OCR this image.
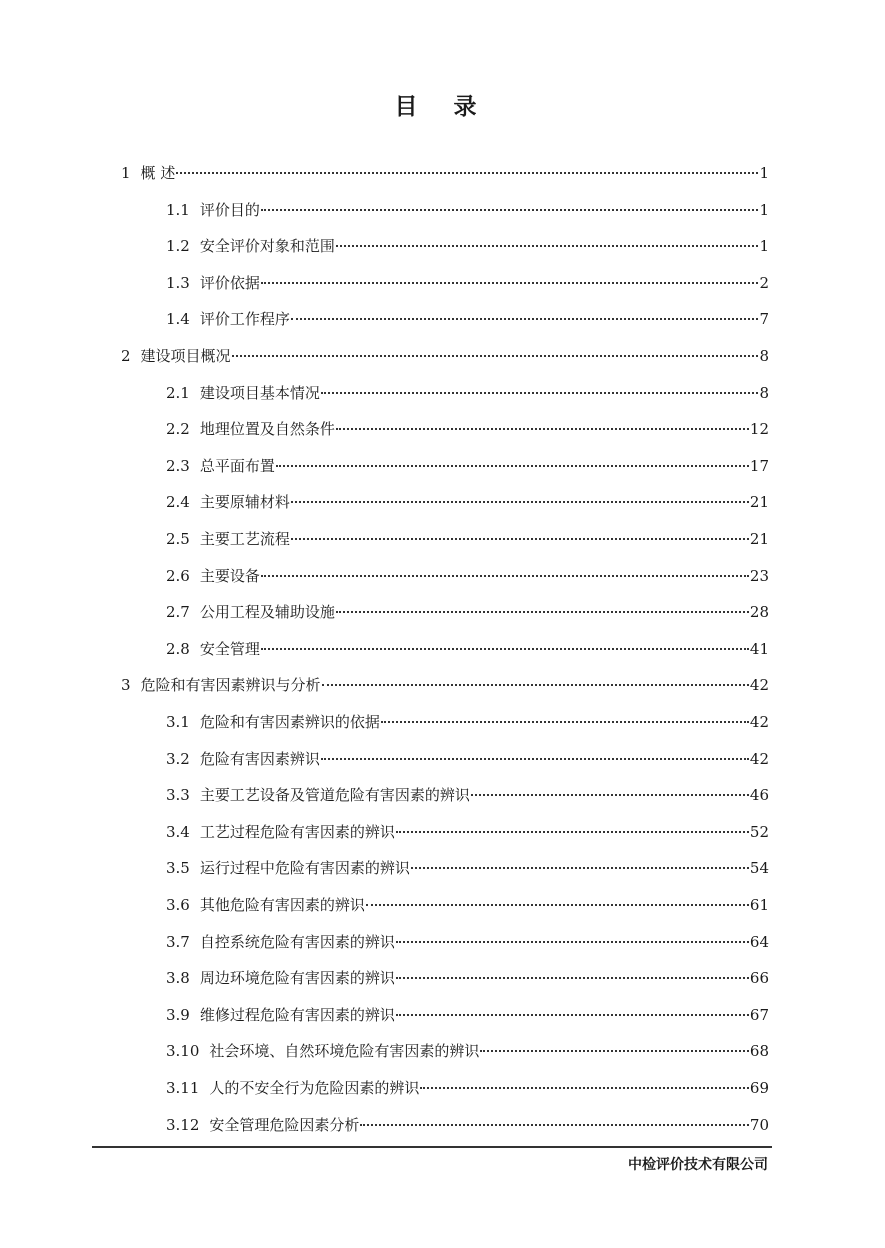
目 录
1 概 述	1
1.1 评价目的	1
1.2 安全评价对象和范围	1
1.3 评价依据	2
1.4 评价工作程序	7
2 建设项目概况	8
2.1 建设项目基本情况	8
2.2 地理位置及自然条件	12
2.3 总平面布置	17
2.4 主要原辅材料	21
2.5 主要工艺流程	21
2.6 主要设备	23
2.7 公用工程及辅助设施	28
2.8 安全管理	41
3 危险和有害因素辨识与分析	42
3.1 危险和有害因素辨识的依据	42
3.2 危险有害因素辨识	42
3.3 主要工艺设备及管道危险有害因素的辨识	46
3.4 工艺过程危险有害因素的辨识	52
3.5 运行过程中危险有害因素的辨识	54
3.6 其他危险有害因素的辨识	61
3.7 自控系统危险有害因素的辨识	64
3.8 周边环境危险有害因素的辨识	66
3.9 维修过程危险有害因素的辨识	67
3.10 社会环境、自然环境危险有害因素的辨识	68
3.11 人的不安全行为危险因素的辨识	69
3.12 安全管理危险因素分析	70
中检评价技术有限公司
